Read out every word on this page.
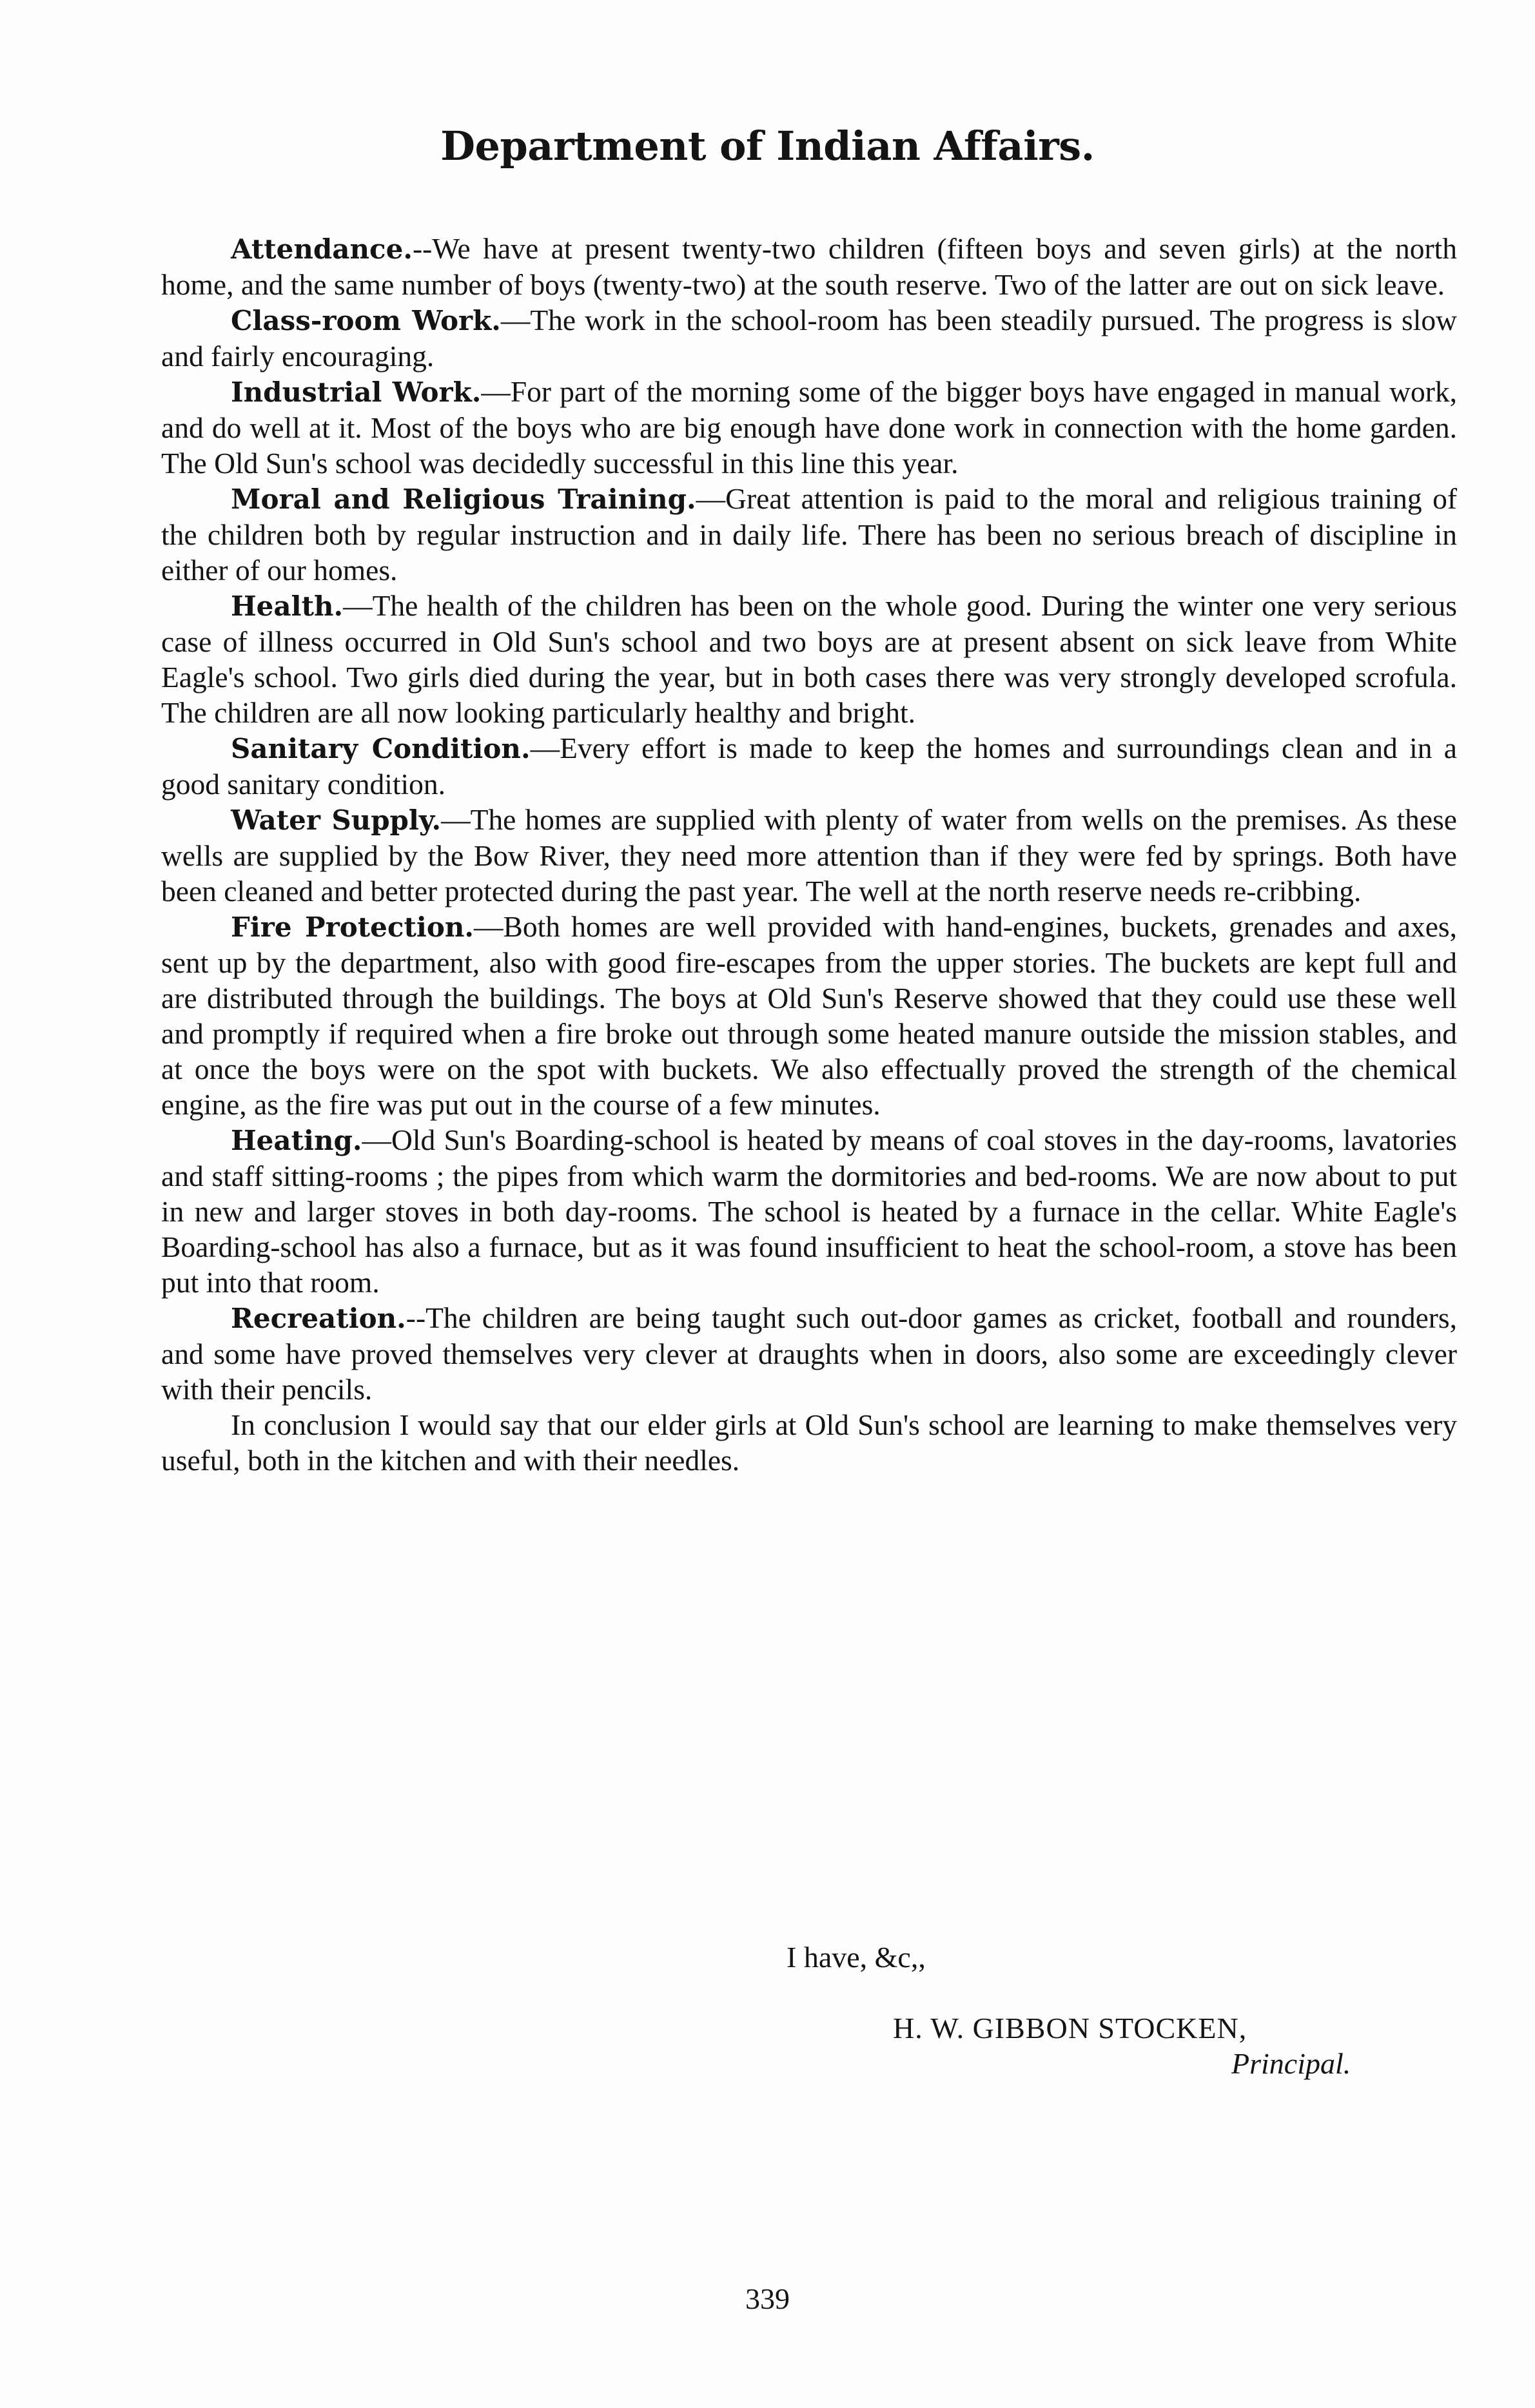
Department of Indian Affairs.

Attendance.--We have at present twenty-two children (fifteen boys and seven girls) at the north home, and the same number of boys (twenty-two) at the south reserve. Two of the latter are out on sick leave.

Class-room Work.—The work in the school-room has been steadily pursued. The progress is slow and fairly encouraging.

Industrial Work.—For part of the morning some of the bigger boys have engaged in manual work, and do well at it. Most of the boys who are big enough have done work in connection with the home garden. The Old Sun's school was decidedly successful in this line this year.

Moral and Religious Training.—Great attention is paid to the moral and religious training of the children both by regular instruction and in daily life. There has been no serious breach of discipline in either of our homes.

Health.—The health of the children has been on the whole good. During the winter one very serious case of illness occurred in Old Sun's school and two boys are at present absent on sick leave from White Eagle's school. Two girls died during the year, but in both cases there was very strongly developed scrofula. The children are all now looking particularly healthy and bright.

Sanitary Condition.—Every effort is made to keep the homes and surroundings clean and in a good sanitary condition.

Water Supply.—The homes are supplied with plenty of water from wells on the premises. As these wells are supplied by the Bow River, they need more attention than if they were fed by springs. Both have been cleaned and better protected during the past year. The well at the north reserve needs re-cribbing.

Fire Protection.—Both homes are well provided with hand-engines, buckets, grenades and axes, sent up by the department, also with good fire-escapes from the upper stories. The buckets are kept full and are distributed through the buildings. The boys at Old Sun's Reserve showed that they could use these well and promptly if required when a fire broke out through some heated manure outside the mission stables, and at once the boys were on the spot with buckets. We also effectually proved the strength of the chemical engine, as the fire was put out in the course of a few minutes.

Heating.—Old Sun's Boarding-school is heated by means of coal stoves in the day-rooms, lavatories and staff sitting-rooms ; the pipes from which warm the dormitories and bed-rooms. We are now about to put in new and larger stoves in both day-rooms. The school is heated by a furnace in the cellar. White Eagle's Boarding-school has also a furnace, but as it was found insufficient to heat the school-room, a stove has been put into that room.

Recreation.--The children are being taught such out-door games as cricket, football and rounders, and some have proved themselves very clever at draughts when in doors, also some are exceedingly clever with their pencils.

In conclusion I would say that our elder girls at Old Sun's school are learning to make themselves very useful, both in the kitchen and with their needles.

I have, &c,,
H. W. GIBBON STOCKEN,
Principal.
339
